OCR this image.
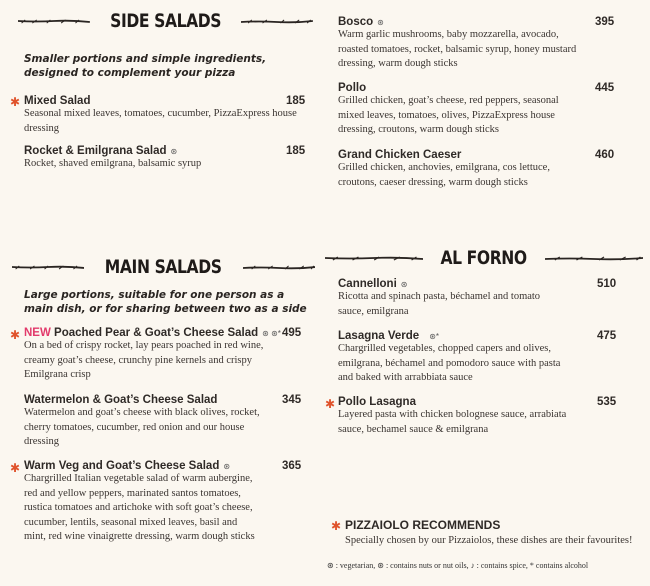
SIDE SALADS
Smaller portions and simple ingredients, designed to complement your pizza
✱ Mixed Salad
Seasonal mixed leaves, tomatoes, cucumber, PizzaExpress house dressing
185
Rocket & Emilgrana Salad ⊛
Rocket, shaved emilgrana, balsamic syrup
185
MAIN SALADS
Large portions, suitable for one person as a main dish, or for sharing between two as a side
✱ NEW Poached Pear & Goat’s Cheese Salad ⊛ ⊛*
On a bed of crispy rocket, lay pears poached in red wine, creamy goat’s cheese, crunchy pine kernels and crispy Emilgrana crisp
495
Watermelon & Goat’s Cheese Salad
Watermelon and goat’s cheese with black olives, rocket, cherry tomatoes, cucumber, red onion and our house dressing
345
✱ Warm Veg and Goat’s Cheese Salad ⊛
Chargrilled Italian vegetable salad of warm aubergine, red and yellow peppers, marinated santos tomatoes, rustica tomatoes and artichoke with soft goat’s cheese, cucumber, lentils, seasonal mixed leaves, basil and mint, red wine vinaigrette dressing, warm dough sticks
365
Bosco ⊛
Warm garlic mushrooms, baby mozzarella, avocado, roasted tomatoes, rocket, balsamic syrup, honey mustard dressing, warm dough sticks
395
Pollo
Grilled chicken, goat’s cheese, red peppers, seasonal mixed leaves, tomatoes, olives, PizzaExpress house dressing, croutons, warm dough sticks
445
Grand Chicken Caeser
Grilled chicken, anchovies, emilgrana, cos lettuce, croutons, caeser dressing, warm dough sticks
460
AL FORNO
Cannelloni ⊛
Ricotta and spinach pasta, béchamel and tomato sauce, emilgrana
510
Lasagna Verde ⊛*
Chargrilled vegetables, chopped capers and olives, emilgrana, béchamel and pomodoro sauce with pasta and baked with arrabbiata sauce
475
✱ Pollo Lasagna
Layered pasta with chicken bolognese sauce, arrabiata sauce, bechamel sauce & emilgrana
535
✱ PIZZAIOLO RECOMMENDS
Specially chosen by our Pizzaiolos, these dishes are their favourites!
⊛ : vegetarian, ⊛ : contains nuts or nut oils, ♪ : contains spice, * contains alcohol
